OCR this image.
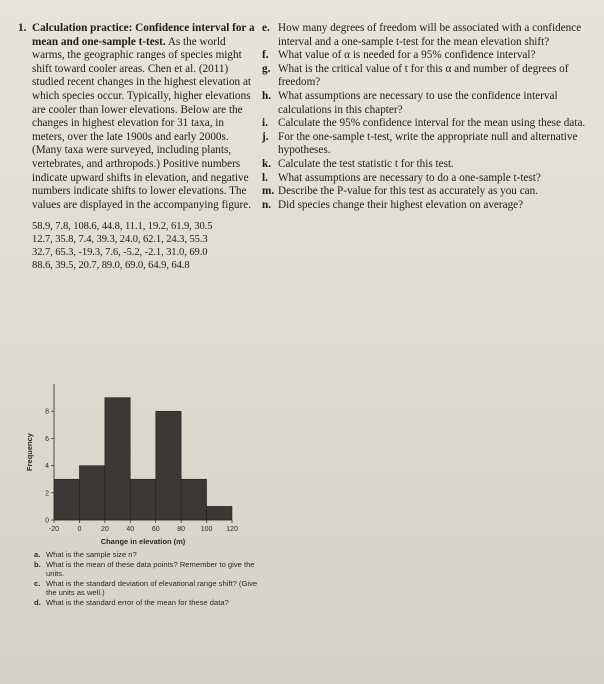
1. Calculation practice: Confidence interval for a mean and one-sample t-test. As the world warms, the geographic ranges of species might shift toward cooler areas. Chen et al. (2011) studied recent changes in the highest elevation at which species occur. Typically, higher elevations are cooler than lower elevations. Below are the changes in highest elevation for 31 taxa, in meters, over the late 1900s and early 2000s. (Many taxa were surveyed, including plants, vertebrates, and arthropods.) Positive numbers indicate upward shifts in elevation, and negative numbers indicate shifts to lower elevations. The values are displayed in the accompanying figure.
58.9, 7.8, 108.6, 44.8, 11.1, 19.2, 61.9, 30.5
12.7, 35.8, 7.4, 39.3, 24.0, 62.1, 24.3, 55.3
32.7, 65.3, -19.3, 7.6, -5.2, -2.1, 31.0, 69.0
88.6, 39.5, 20.7, 89.0, 69.0, 64.9, 64.8
0
2
4
6
8
-20	0	20	40	60	80 100 120
Change in elevation (m)
Frequency
a. What is the sample size n?
b. What is the mean of these data points? Remember to give the units.
c. What is the standard deviation of elevational range shift? (Give the units as well.)
d. What is the standard error of the mean for these data?
e. How many degrees of freedom will be associated with a confidence interval and a one-sample t-test for the mean elevation shift?
f. What value of α is needed for a 95% confidence interval?
g. What is the critical value of t for this α and number of degrees of freedom?
h. What assumptions are necessary to use the confidence interval calculations in this chapter?
i. Calculate the 95% confidence interval for the mean using these data.
j. For the one-sample t-test, write the appropriate null and alternative hypotheses.
k. Calculate the test statistic t for this test.
l. What assumptions are necessary to do a one-sample t-test?
m. Describe the P-value for this test as accurately as you can.
n. Did species change their highest elevation on average?
